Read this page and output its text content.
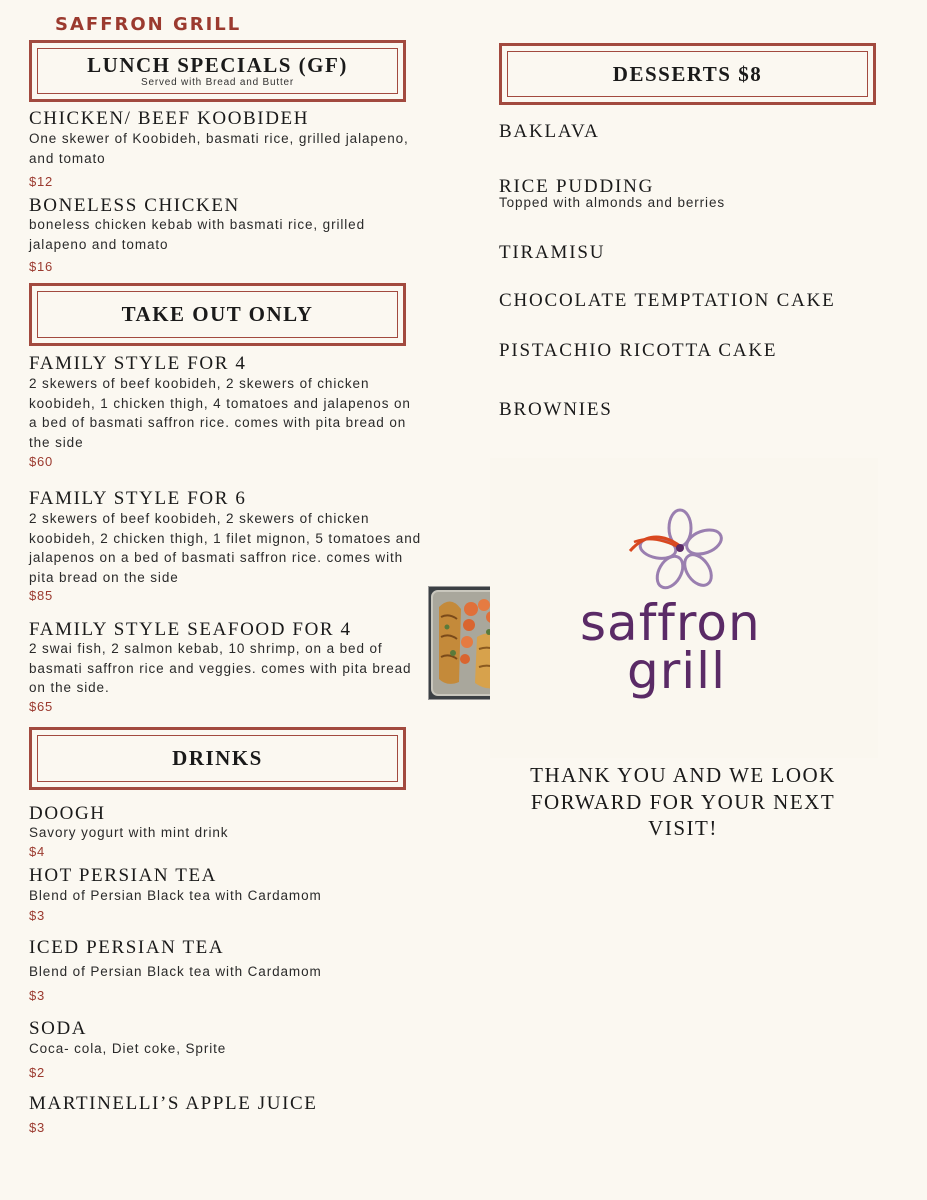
SAFFRON GRILL
LUNCH SPECIALS (GF)
Served with Bread and Butter
CHICKEN/ BEEF KOOBIDEH
One skewer of Koobideh, basmati rice, grilled jalapeno, and tomato
$12
BONELESS CHICKEN
boneless chicken kebab with basmati rice, grilled jalapeno and tomato
$16
TAKE OUT ONLY
FAMILY STYLE FOR 4
2 skewers of beef koobideh, 2 skewers of chicken koobideh, 1 chicken thigh, 4 tomatoes and jalapenos on a bed of basmati saffron rice. comes with pita bread on the side
$60
FAMILY STYLE FOR 6
2 skewers of beef koobideh, 2 skewers of chicken koobideh, 2 chicken thigh, 1 filet mignon, 5 tomatoes and jalapenos on a bed of basmati saffron rice. comes with pita bread on the side
$85
FAMILY STYLE SEAFOOD FOR 4
2 swai fish, 2 salmon kebab, 10 shrimp, on a bed of basmati saffron rice and veggies. comes with pita bread on the side.
$65
DRINKS
DOOGH
Savory yogurt with mint drink
$4
HOT PERSIAN TEA
Blend of Persian Black tea with Cardamom
$3
ICED PERSIAN TEA
Blend of Persian Black tea with Cardamom
$3
SODA
Coca- cola, Diet coke, Sprite
$2
MARTINELLI’S APPLE JUICE
$3
DESSERTS $8
BAKLAVA
RICE PUDDING
Topped with almonds and berries
TIRAMISU
CHOCOLATE TEMPTATION CAKE
PISTACHIO RICOTTA CAKE
BROWNIES
saffron
grill
THANK YOU AND WE LOOK FORWARD FOR YOUR NEXT VISIT!
